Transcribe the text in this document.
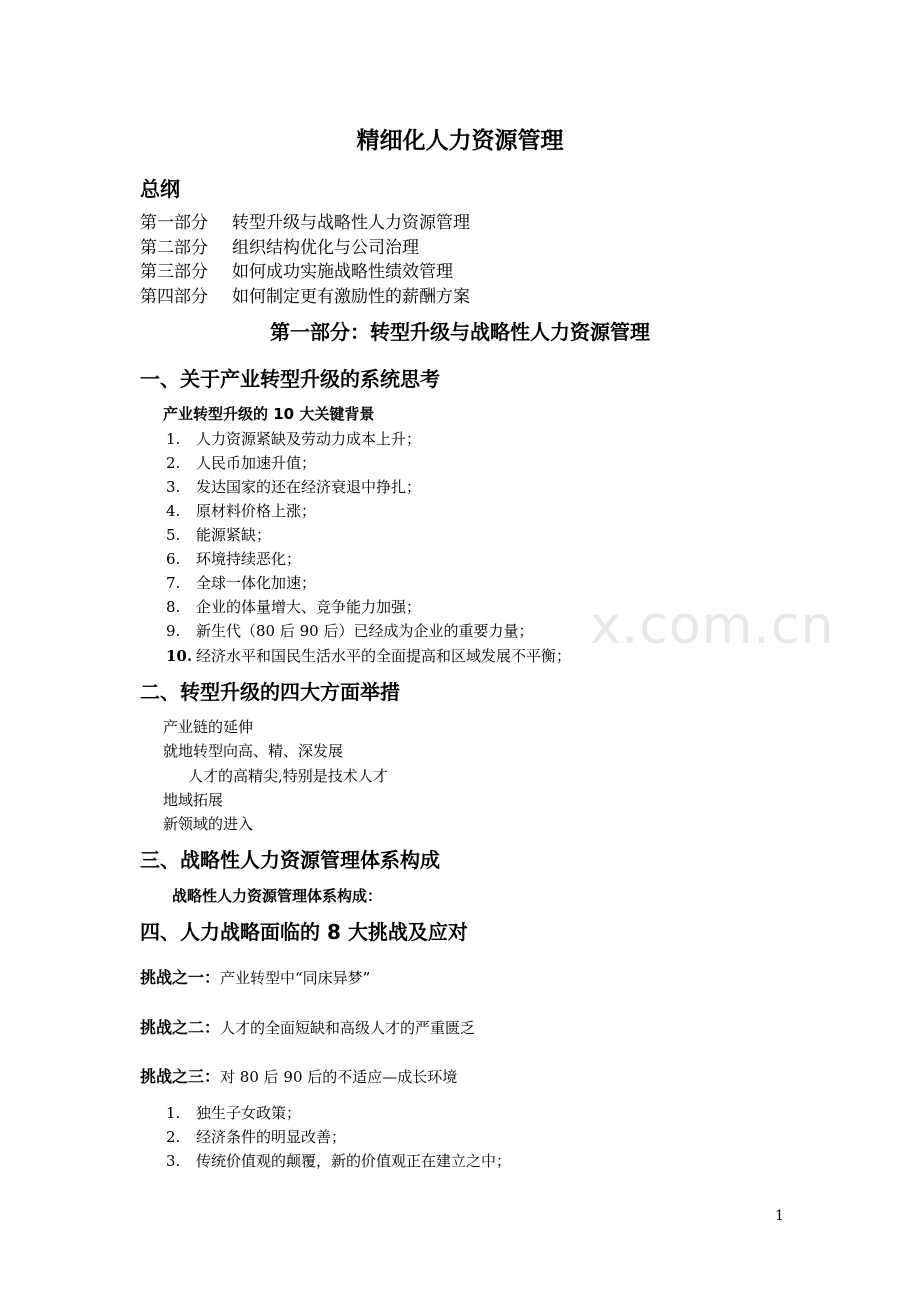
精细化人力资源管理
总纲
第一部分 转型升级与战略性人力资源管理
第二部分 组织结构优化与公司治理
第三部分 如何成功实施战略性绩效管理
第四部分 如何制定更有激励性的薪酬方案
第一部分：转型升级与战略性人力资源管理
一、关于产业转型升级的系统思考
产业转型升级的 10 大关键背景
1. 人力资源紧缺及劳动力成本上升；
2. 人民币加速升值；
3. 发达国家的还在经济衰退中挣扎；
4. 原材料价格上涨；
5. 能源紧缺；
6. 环境持续恶化；
7. 全球一体化加速；
8. 企业的体量增大、竞争能力加强；
9. 新生代（80 后 90 后）已经成为企业的重要力量；
10. 经济水平和国民生活水平的全面提高和区域发展不平衡；
二、转型升级的四大方面举措
产业链的延伸
就地转型向高、精、深发展
人才的高精尖,特别是技术人才
地域拓展
新领域的进入
三、战略性人力资源管理体系构成
战略性人力资源管理体系构成：
四、人力战略面临的 8 大挑战及应对
挑战之一：产业转型中“同床异梦”
挑战之二：人才的全面短缺和高级人才的严重匮乏
挑战之三：对 80 后 90 后的不适应—成长环境
1. 独生子女政策；
2. 经济条件的明显改善；
3. 传统价值观的颠覆，新的价值观正在建立之中；
x.com.cn
1
